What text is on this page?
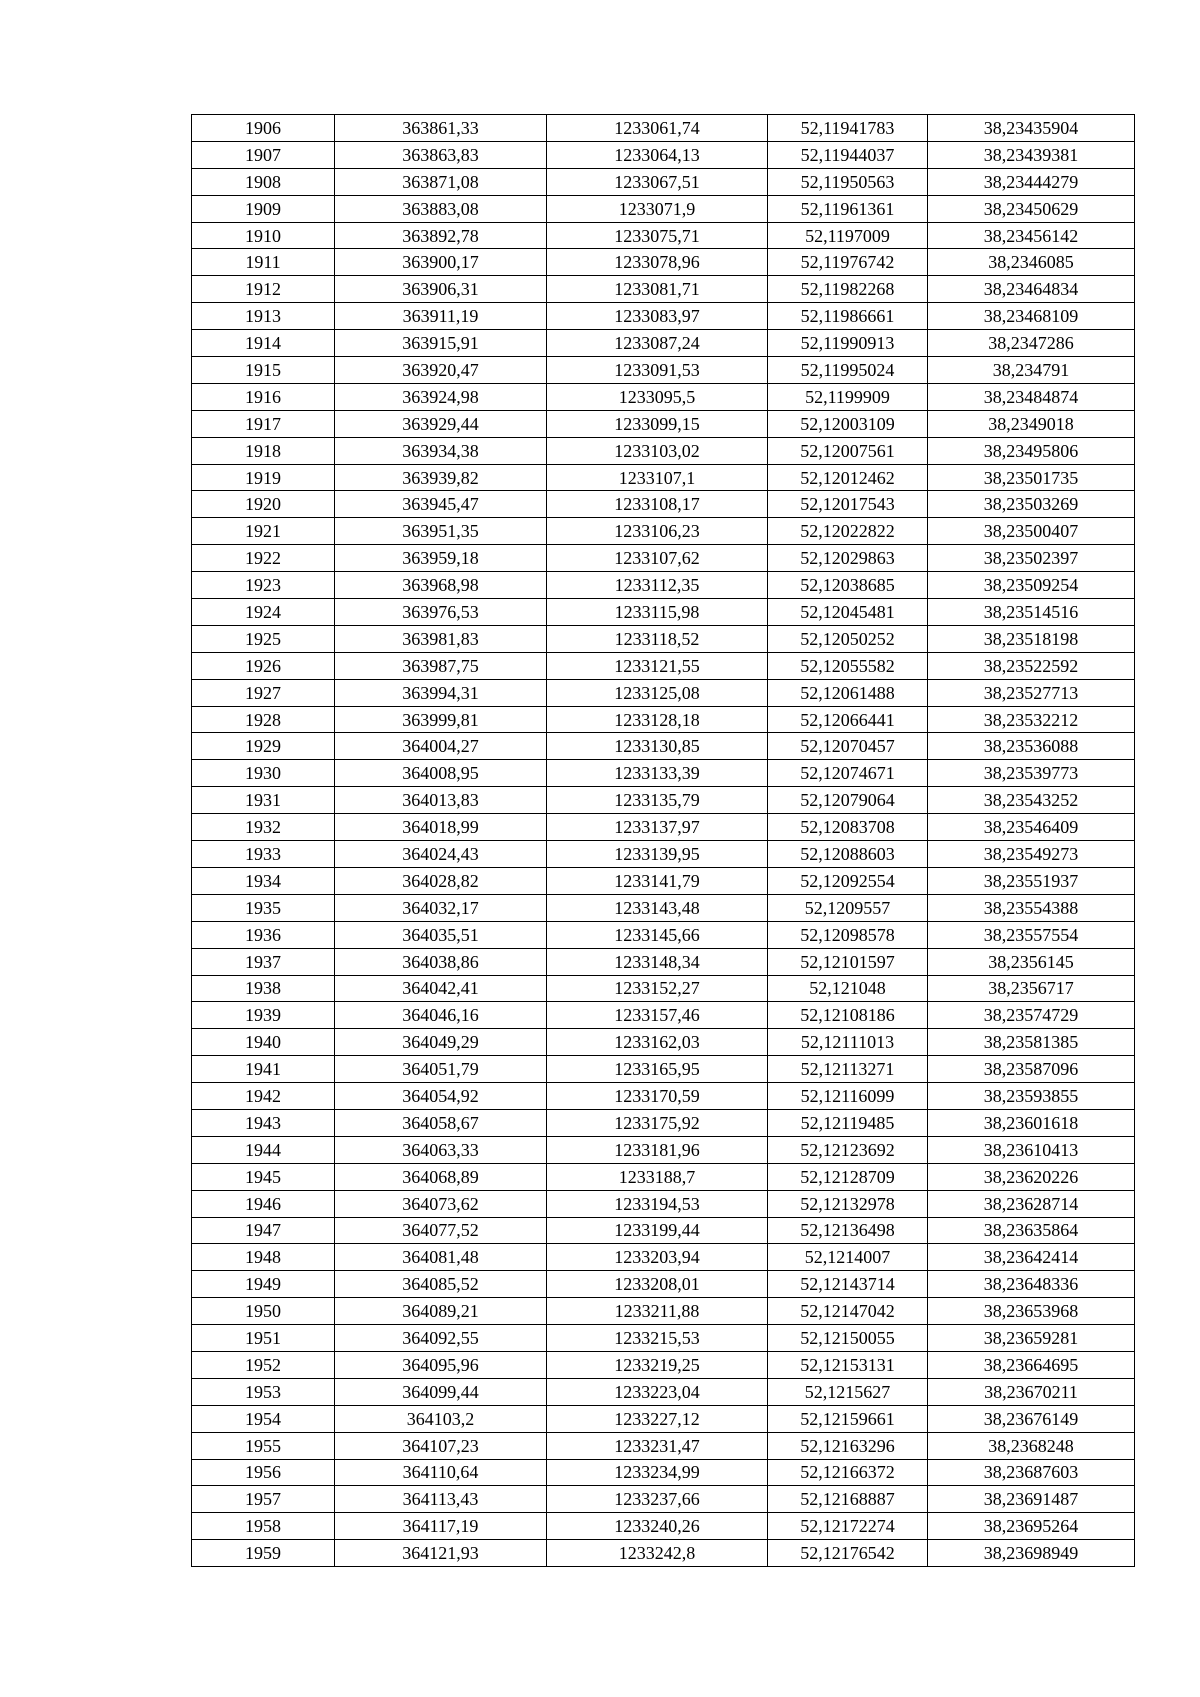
1906	363861,33	1233061,74	52,11941783	38,23435904
1907	363863,83	1233064,13	52,11944037	38,23439381
1908	363871,08	1233067,51	52,11950563	38,23444279
1909	363883,08	1233071,9	52,11961361	38,23450629
1910	363892,78	1233075,71	52,1197009	38,23456142
1911	363900,17	1233078,96	52,11976742	38,2346085
1912	363906,31	1233081,71	52,11982268	38,23464834
1913	363911,19	1233083,97	52,11986661	38,23468109
1914	363915,91	1233087,24	52,11990913	38,2347286
1915	363920,47	1233091,53	52,11995024	38,234791
1916	363924,98	1233095,5	52,1199909	38,23484874
1917	363929,44	1233099,15	52,12003109	38,2349018
1918	363934,38	1233103,02	52,12007561	38,23495806
1919	363939,82	1233107,1	52,12012462	38,23501735
1920	363945,47	1233108,17	52,12017543	38,23503269
1921	363951,35	1233106,23	52,12022822	38,23500407
1922	363959,18	1233107,62	52,12029863	38,23502397
1923	363968,98	1233112,35	52,12038685	38,23509254
1924	363976,53	1233115,98	52,12045481	38,23514516
1925	363981,83	1233118,52	52,12050252	38,23518198
1926	363987,75	1233121,55	52,12055582	38,23522592
1927	363994,31	1233125,08	52,12061488	38,23527713
1928	363999,81	1233128,18	52,12066441	38,23532212
1929	364004,27	1233130,85	52,12070457	38,23536088
1930	364008,95	1233133,39	52,12074671	38,23539773
1931	364013,83	1233135,79	52,12079064	38,23543252
1932	364018,99	1233137,97	52,12083708	38,23546409
1933	364024,43	1233139,95	52,12088603	38,23549273
1934	364028,82	1233141,79	52,12092554	38,23551937
1935	364032,17	1233143,48	52,1209557	38,23554388
1936	364035,51	1233145,66	52,12098578	38,23557554
1937	364038,86	1233148,34	52,12101597	38,2356145
1938	364042,41	1233152,27	52,121048	38,2356717
1939	364046,16	1233157,46	52,12108186	38,23574729
1940	364049,29	1233162,03	52,12111013	38,23581385
1941	364051,79	1233165,95	52,12113271	38,23587096
1942	364054,92	1233170,59	52,12116099	38,23593855
1943	364058,67	1233175,92	52,12119485	38,23601618
1944	364063,33	1233181,96	52,12123692	38,23610413
1945	364068,89	1233188,7	52,12128709	38,23620226
1946	364073,62	1233194,53	52,12132978	38,23628714
1947	364077,52	1233199,44	52,12136498	38,23635864
1948	364081,48	1233203,94	52,1214007	38,23642414
1949	364085,52	1233208,01	52,12143714	38,23648336
1950	364089,21	1233211,88	52,12147042	38,23653968
1951	364092,55	1233215,53	52,12150055	38,23659281
1952	364095,96	1233219,25	52,12153131	38,23664695
1953	364099,44	1233223,04	52,1215627	38,23670211
1954	364103,2	1233227,12	52,12159661	38,23676149
1955	364107,23	1233231,47	52,12163296	38,2368248
1956	364110,64	1233234,99	52,12166372	38,23687603
1957	364113,43	1233237,66	52,12168887	38,23691487
1958	364117,19	1233240,26	52,12172274	38,23695264
1959	364121,93	1233242,8	52,12176542	38,23698949
